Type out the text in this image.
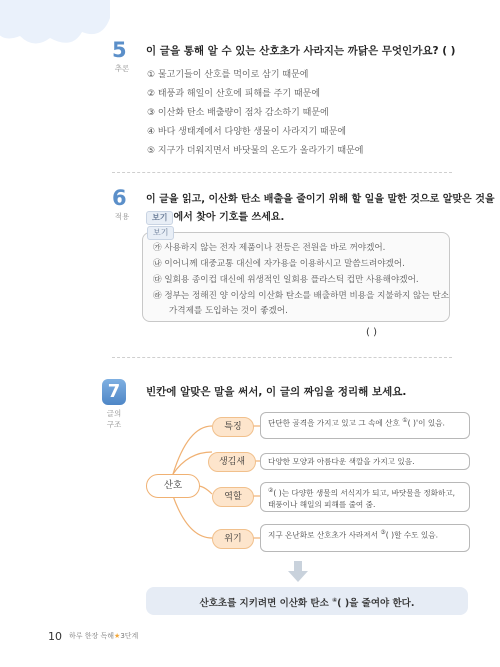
5
추론
이 글을 통해 알 수 있는 산호초가 사라지는 까닭은 무엇인가요? ( )
① 물고기들이 산호를 먹이로 삼기 때문에
② 태풍과 해일이 산호에 피해를 주기 때문에
③ 이산화 탄소 배출량이 점차 감소하기 때문에
④ 바다 생태계에서 다양한 생물이 사라지기 때문에
⑤ 지구가 더워지면서 바닷물의 온도가 올라가기 때문에
6
적용
이 글을 읽고, 이산화 탄소 배출을 줄이기 위해 할 일을 말한 것으로 알맞은 것을
보기 에서 찾아 기호를 쓰세요.
보기
㉮ 사용하지 않는 전자 제품이나 전등은 전원을 바로 꺼야겠어.
㉯ 이어니께 대중교통 대신에 자가용을 이용하시고 말씀드려야겠어.
㉰ 일회용 종이컵 대신에 위생적인 일회용 플라스틱 컵만 사용해야겠어.
㉱ 정부는 정해진 양 이상의 이산화 탄소를 배출하면 비용을 지불하지 않는 탄소
가격제를 도입하는 것이 좋겠어.
( )
7
글의
구조
빈칸에 알맞은 말을 써서, 이 글의 짜임을 정리해 보세요.
산호
특징
생김새
역할
위기
단단한 골격을 가지고 있고 그 속에 산호 ①( )'이 있음.
다양한 모양과 아름다운 색깔을 가지고 있음.
②( )는 다양한 생물의 서식지가 되고, 바닷물을 정화하고, 태풍이나 해일의 피해를 줄여 줌.
지구 온난화로 산호초가 사라져서 ③( )할 수도 있음.
산호초를 지키려면 이산화 탄소 ④( )을 줄여야 한다.
10 하루 한장 독해★3단계
